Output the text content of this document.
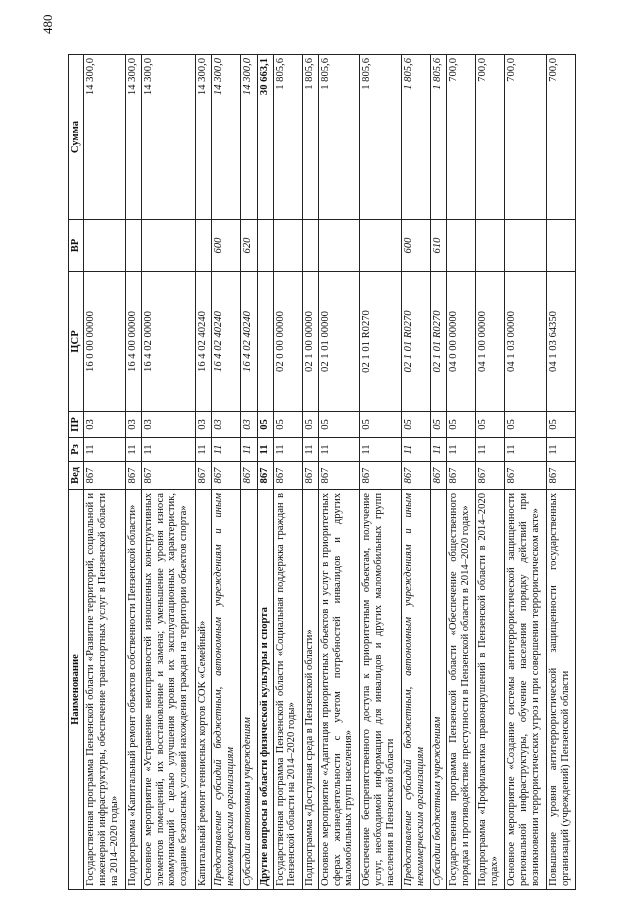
480
Наименование	Вед	Рз	ПР	ЦСР	ВР	Сумма
Государственная программа Пензенской области «Развитие территорий, социальной и инженерной инфраструктуры, обеспечение транспортных услуг в Пензенской области на 2014–2020 годы»	867	11	03	16 0 00 00000		14 300,0
Подпрограмма «Капитальный ремонт объектов собственности Пензенской области»	867	11	03	16 4 00 00000		14 300,0
Основное мероприятие «Устранение неисправностей изношенных конструктивных элементов помещений, их восстановление и замена; уменьшение уровня износа коммуникаций с целью улучшения уровня их эксплуатационных характеристик, создание безопасных условий нахождения граждан на территории объектов спорта»	867	11	03	16 4 02 00000		14 300,0
Капитальный ремонт теннисных кортов СОК «Семейный»	867	11	03	16 4 02 40240		14 300,0
Предоставление субсидий бюджетным, автономным учреждениям и иным некоммерческим организациям	867	11	03	16 4 02 40240	600	14 300,0
Субсидии автономным учреждениям	867	11	03	16 4 02 40240	620	14 300,0
Другие вопросы в области физической культуры и спорта	867	11	05			30 663,1
Государственная программа Пензенской области «Социальная поддержка граждан в Пензенской области на 2014–2020 годы»	867	11	05	02 0 00 00000		1 805,6
Подпрограмма «Доступная среда в Пензенской области»	867	11	05	02 1 00 00000		1 805,6
Основное мероприятие «Адаптация приоритетных объектов и услуг в приоритетных сферах жизнедеятельности с учетом потребностей инвалидов и других маломобильных групп населения»	867	11	05	02 1 01 00000		1 805,6
Обеспечение беспрепятственного доступа к приоритетным объектам, получение услуг, необходимой информации для инвалидов и других маломобильных групп населения в Пензенской области	867	11	05	02 1 01 R0270		1 805,6
Предоставление субсидий бюджетным, автономным учреждениям и иным некоммерческим организациям	867	11	05	02 1 01 R0270	600	1 805,6
Субсидии бюджетным учреждениям	867	11	05	02 1 01 R0270	610	1 805,6
Государственная программа Пензенской области «Обеспечение общественного порядка и противодействие преступности в Пензенской области в 2014–2020 годах»	867	11	05	04 0 00 00000		700,0
Подпрограмма «Профилактика правонарушений в Пензенской области в 2014–2020 годах»	867	11	05	04 1 00 00000		700,0
Основное мероприятие «Создание системы антитеррористической защищенности региональной инфраструктуры, обучение населения порядку действий при возникновении террористических угроз и при совершении террористическом акте»	867	11	05	04 1 03 00000		700,0
Повышение уровня антитеррористической защищенности государственных организаций (учреждений) Пензенской области	867	11	05	04 1 03 64350		700,0
